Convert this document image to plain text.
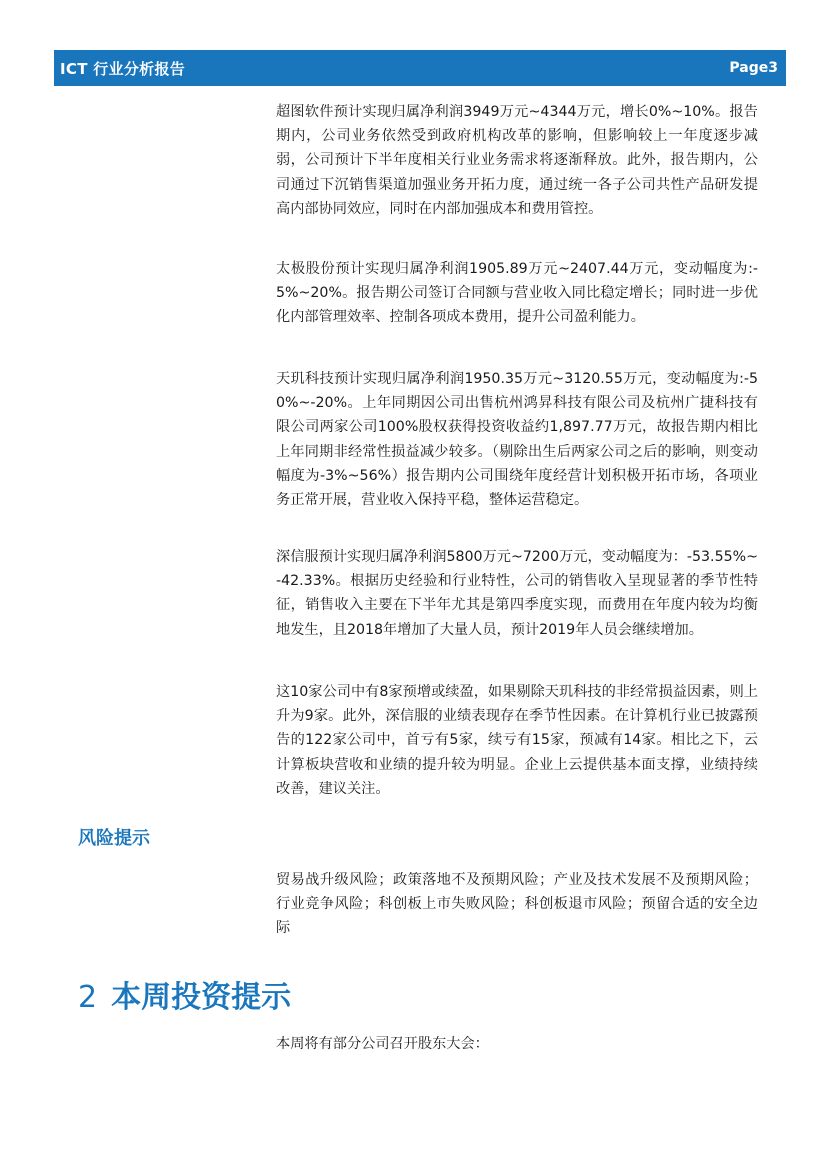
ICT 行业分析报告	Page3

超图软件预计实现归属净利润3949万元~4344万元，增长0%~10%。报告期内，公司业务依然受到政府机构改革的影响，但影响较上一年度逐步减弱，公司预计下半年度相关行业业务需求将逐渐释放。此外，报告期内，公司通过下沉销售渠道加强业务开拓力度，通过统一各子公司共性产品研发提高内部协同效应，同时在内部加强成本和费用管控。

太极股份预计实现归属净利润1905.89万元~2407.44万元，变动幅度为:-5%~20%。报告期公司签订合同额与营业收入同比稳定增长；同时进一步优化内部管理效率、控制各项成本费用，提升公司盈利能力。

天玑科技预计实现归属净利润1950.35万元~3120.55万元，变动幅度为:-50%~-20%。上年同期因公司出售杭州鸿昇科技有限公司及杭州广捷科技有限公司两家公司100%股权获得投资收益约1,897.77万元，故报告期内相比上年同期非经常性损益减少较多。（剔除出生后两家公司之后的影响，则变动幅度为-3%~56%）报告期内公司围绕年度经营计划积极开拓市场，各项业务正常开展，营业收入保持平稳，整体运营稳定。

深信服预计实现归属净利润5800万元~7200万元，变动幅度为：-53.55%~-42.33%。根据历史经验和行业特性，公司的销售收入呈现显著的季节性特征，销售收入主要在下半年尤其是第四季度实现，而费用在年度内较为均衡地发生，且2018年增加了大量人员，预计2019年人员会继续增加。

这10家公司中有8家预增或续盈，如果剔除天玑科技的非经常损益因素，则上升为9家。此外，深信服的业绩表现存在季节性因素。在计算机行业已披露预告的122家公司中，首亏有5家，续亏有15家，预减有14家。相比之下，云计算板块营收和业绩的提升较为明显。企业上云提供基本面支撑，业绩持续改善，建议关注。

风险提示

贸易战升级风险；政策落地不及预期风险；产业及技术发展不及预期风险；行业竞争风险；科创板上市失败风险；科创板退市风险；预留合适的安全边际

2 本周投资提示

本周将有部分公司召开股东大会：
